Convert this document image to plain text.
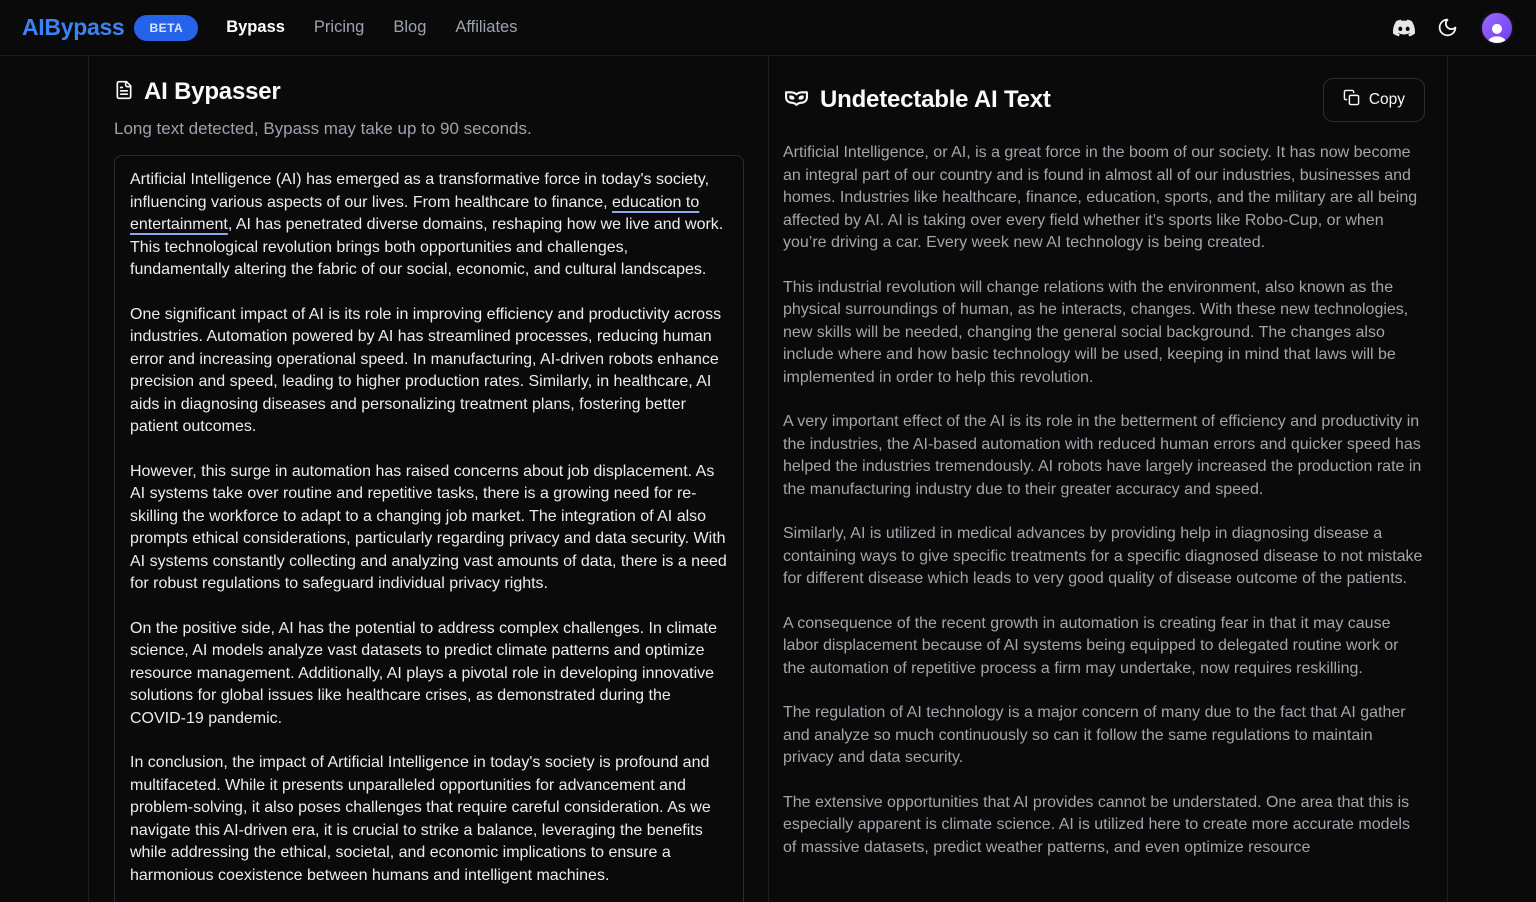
AIBypass	BETA	Bypass Pricing Blog Affiliates
AI Bypasser
Long text detected, Bypass may take up to 90 seconds.

Artificial Intelligence (AI) has emerged as a transformative force in today's society, influencing various aspects of our lives. From healthcare to finance, education to entertainment, AI has penetrated diverse domains, reshaping how we live and work. This technological revolution brings both opportunities and challenges, fundamentally altering the fabric of our social, economic, and cultural landscapes.

One significant impact of AI is its role in improving efficiency and productivity across industries. Automation powered by AI has streamlined processes, reducing human error and increasing operational speed. In manufacturing, AI-driven robots enhance precision and speed, leading to higher production rates. Similarly, in healthcare, AI aids in diagnosing diseases and personalizing treatment plans, fostering better patient outcomes.

However, this surge in automation has raised concerns about job displacement. As AI systems take over routine and repetitive tasks, there is a growing need for re-skilling the workforce to adapt to a changing job market. The integration of AI also prompts ethical considerations, particularly regarding privacy and data security. With AI systems constantly collecting and analyzing vast amounts of data, there is a need for robust regulations to safeguard individual privacy rights.

On the positive side, AI has the potential to address complex challenges. In climate science, AI models analyze vast datasets to predict climate patterns and optimize resource management. Additionally, AI plays a pivotal role in developing innovative solutions for global issues like healthcare crises, as demonstrated during the COVID-19 pandemic.

In conclusion, the impact of Artificial Intelligence in today's society is profound and multifaceted. While it presents unparalleled opportunities for advancement and problem-solving, it also poses challenges that require careful consideration. As we navigate this AI-driven era, it is crucial to strike a balance, leveraging the benefits while addressing the ethical, societal, and economic implications to ensure a harmonious coexistence between humans and intelligent machines.

Undetectable AI Text	Copy

Artificial Intelligence, or AI, is a great force in the boom of our society. It has now become an integral part of our country and is found in almost all of our industries, businesses and homes. Industries like healthcare, finance, education, sports, and the military are all being affected by AI. AI is taking over every field whether it’s sports like Robo-Cup, or when you’re driving a car. Every week new AI technology is being created.

This industrial revolution will change relations with the environment, also known as the physical surroundings of human, as he interacts, changes. With these new technologies, new skills will be needed, changing the general social background. The changes also include where and how basic technology will be used, keeping in mind that laws will be implemented in order to help this revolution.

A very important effect of the AI is its role in the betterment of efficiency and productivity in the industries, the AI-based automation with reduced human errors and quicker speed has helped the industries tremendously. AI robots have largely increased the production rate in the manufacturing industry due to their greater accuracy and speed.

Similarly, AI is utilized in medical advances by providing help in diagnosing disease a containing ways to give specific treatments for a specific diagnosed disease to not mistake for different disease which leads to very good quality of disease outcome of the patients.

A consequence of the recent growth in automation is creating fear in that it may cause labor displacement because of AI systems being equipped to delegated routine work or the automation of repetitive process a firm may undertake, now requires reskilling.

The regulation of AI technology is a major concern of many due to the fact that AI gather and analyze so much continuously so can it follow the same regulations to maintain privacy and data security.

The extensive opportunities that AI provides cannot be understated. One area that this is especially apparent is climate science. AI is utilized here to create more accurate models of massive datasets, predict weather patterns, and even optimize resource
